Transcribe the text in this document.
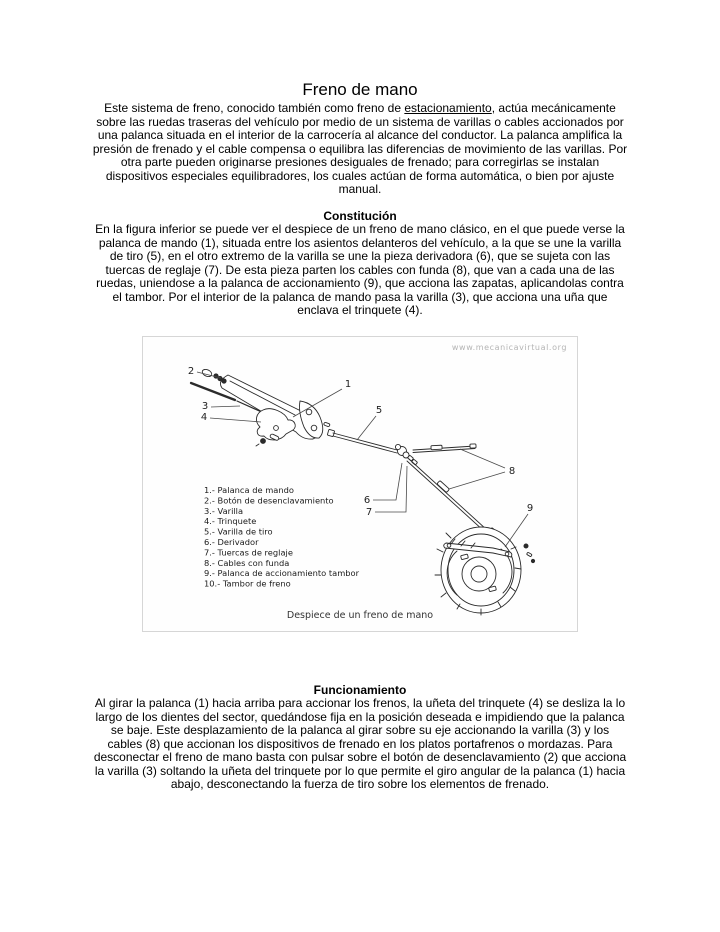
Freno de mano

Este sistema de freno, conocido también como freno de estacionamiento, actúa mecánicamente sobre las ruedas traseras del vehículo por medio de un sistema de varillas o cables accionados por una palanca situada en el interior de la carrocería al alcance del conductor. La palanca amplifica la presión de frenado y el cable compensa o equilibra las diferencias de movimiento de las varillas. Por otra parte pueden originarse presiones desiguales de frenado; para corregirlas se instalan dispositivos especiales equilibradores, los cuales actúan de forma automática, o bien por ajuste manual.

Constitución

En la figura inferior se puede ver el despiece de un freno de mano clásico, en el que puede verse la palanca de mando (1), situada entre los asientos delanteros del vehículo, a la que se une la varilla de tiro (5), en el otro extremo de la varilla se une la pieza derivadora (6), que se sujeta con las tuercas de reglaje (7). De esta pieza parten los cables con funda (8), que van a cada una de las ruedas, uniendose a la palanca de accionamiento (9), que acciona las zapatas, aplicandolas contra el tambor. Por el interior de la palanca de mando pasa la varilla (3), que acciona una uña que enclava el trinquete (4).

www.mecanicavirtual.org
2
1
3
4
5
6
7
8
9
1.- Palanca de mando
2.- Botón de desenclavamiento
3.- Varilla
4.- Trinquete
5.- Varilla de tiro
6.- Derivador
7.- Tuercas de reglaje
8.- Cables con funda
9.- Palanca de accionamiento tambor
10.- Tambor de freno
Despiece de un freno de mano
Funcionamiento

Al girar la palanca (1) hacia arriba para accionar los frenos, la uñeta del trinquete (4) se desliza la lo largo de los dientes del sector, quedándose fija en la posición deseada e impidiendo que la palanca se baje. Este desplazamiento de la palanca al girar sobre su eje accionando la varilla (3) y los cables (8) que accionan los dispositivos de frenado en los platos portafrenos o mordazas. Para desconectar el freno de mano basta con pulsar sobre el botón de desenclavamiento (2) que acciona la varilla (3) soltando la uñeta del trinquete por lo que permite el giro angular de la palanca (1) hacia abajo, desconectando la fuerza de tiro sobre los elementos de frenado.
